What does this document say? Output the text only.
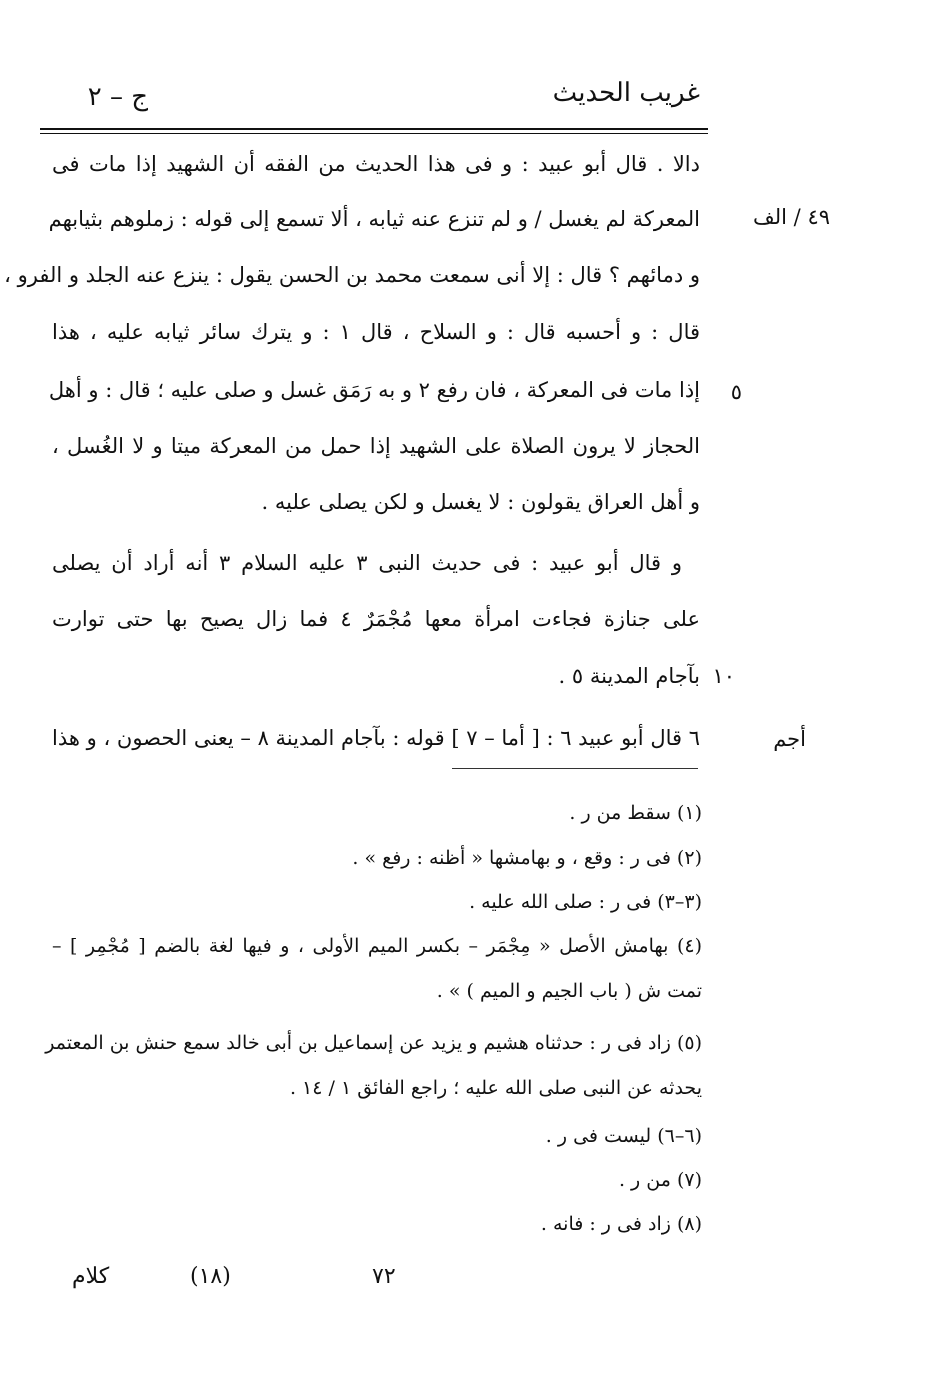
غريب الحديث
ج – ٢
٤٩ / الف
٥
١٠
أجم
دالا . قال أبو عبيد : و فى هذا الحديث من الفقه أن الشهيد إذا مات فى
المعركة لم يغسل / و لم تنزع عنه ثيابه ، ألا تسمع إلى قوله : زملوهم بثيابهم
و دمائهم ؟ قال : إلا أنى سمعت محمد بن الحسن يقول : ينزع عنه الجلد و الفرو ،
قال : و أحسبه قال : و السلاح ، قال ١ : و يترك سائر ثيابه عليه ، هذا
إذا مات فى المعركة ، فان رفع ٢ و به رَمَق غسل و صلى عليه ؛ قال : و أهل
الحجاز لا يرون الصلاة على الشهيد إذا حمل من المعركة ميتا و لا الغُسل ،
و أهل العراق يقولون : لا يغسل و لكن يصلى عليه .
و قال أبو عبيد : فى حديث النبى ٣ عليه السلام ٣ أنه أراد أن يصلى
على جنازة فجاءت امرأة معها مُجْمَرٌ ٤ فما زال يصيح بها حتى توارت
بآجام المدينة ٥ .
٦ قال أبو عبيد ٦ : [ أما – ٧ ] قوله : بآجام المدينة ٨ – يعنى الحصون ، و هذا
(١) سقط من ر .
(٢) فى ر : وقع ، و بهامشها « أظنه : رفع » .
(٣–٣) فى ر : صلى الله عليه .
(٤) بهامش الأصل « مِجْمَر – بكسر الميم الأولى ، و فيها لغة بالضم [ مُجْمِر ] –
تمت ش ( باب الجيم و الميم ) » .
(٥) زاد فى ر : حدثناه هشيم و يزيد عن إسماعيل بن أبى خالد سمع حنش بن المعتمر
يحدثه عن النبى صلى الله عليه ؛ راجع الفائق ١ / ١٤ .
(٦–٦) ليست فى ر .
(٧) من ر .
(٨) زاد فى ر : فانه .
٧٢
(١٨)
كلام
